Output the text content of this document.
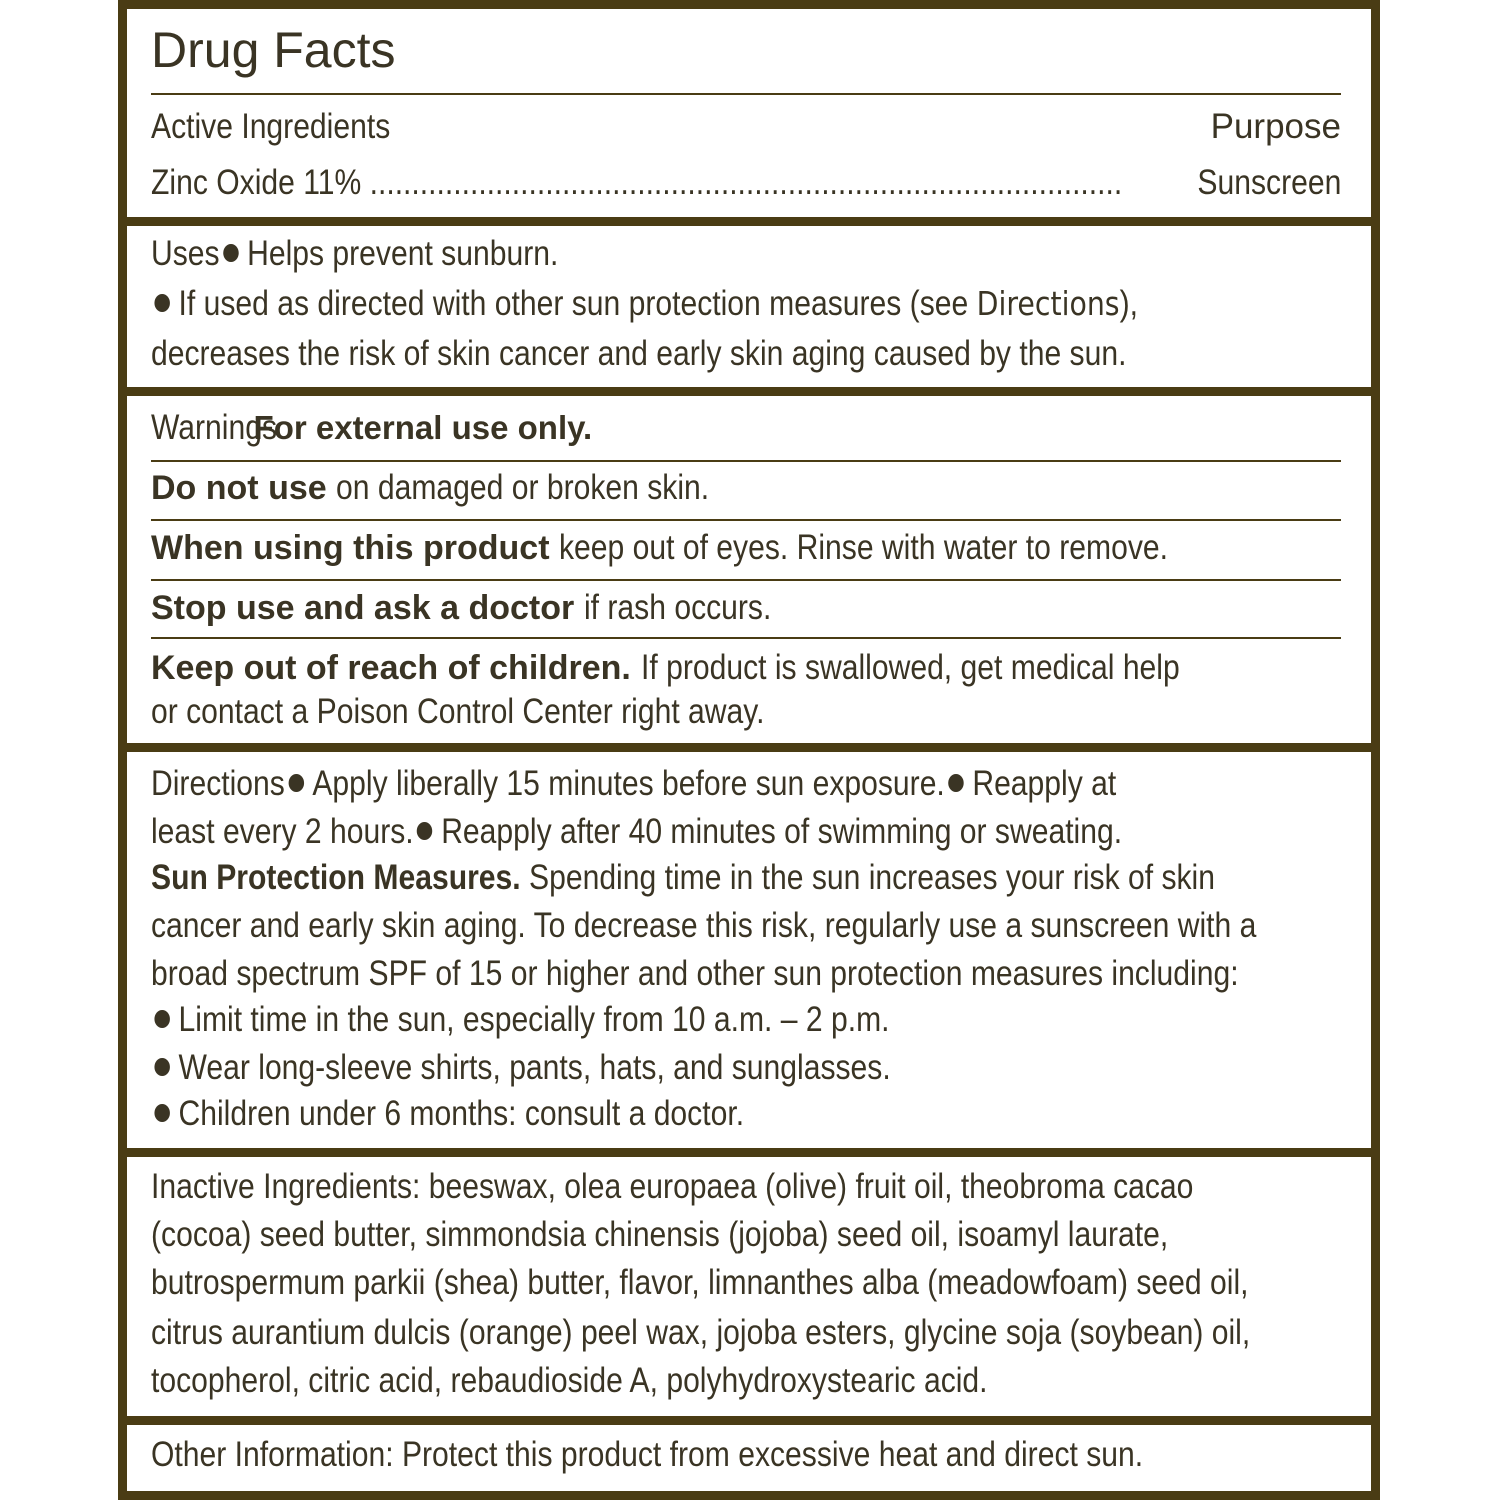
Drug Facts
Active Ingredients	Purpose
Zinc Oxide 11% ..........................................................................................	Sunscreen
Uses Helps prevent sunburn.
If used as directed with other sun protection measures (see Directions),
decreases the risk of skin cancer and early skin aging caused by the sun.
WarningsFor external use only.
Do not use on damaged or broken skin.
When using this product keep out of eyes. Rinse with water to remove.
Stop use and ask a doctor if rash occurs.
Keep out of reach of children. If product is swallowed, get medical help
or contact a Poison Control Center right away.
Directions Apply liberally 15 minutes before sun exposure. Reapply at
least every 2 hours. Reapply after 40 minutes of swimming or sweating.
Sun Protection Measures. Spending time in the sun increases your risk of skin
cancer and early skin aging. To decrease this risk, regularly use a sunscreen with a
broad spectrum SPF of 15 or higher and other sun protection measures including:
Limit time in the sun, especially from 10 a.m. – 2 p.m.
Wear long-sleeve shirts, pants, hats, and sunglasses.
Children under 6 months: consult a doctor.
Inactive Ingredients: beeswax, olea europaea (olive) fruit oil, theobroma cacao
(cocoa) seed butter, simmondsia chinensis (jojoba) seed oil, isoamyl laurate,
butrospermum parkii (shea) butter, flavor, limnanthes alba (meadowfoam) seed oil,
citrus aurantium dulcis (orange) peel wax, jojoba esters, glycine soja (soybean) oil,
tocopherol, citric acid, rebaudioside A, polyhydroxystearic acid.
Other Information: Protect this product from excessive heat and direct sun.
